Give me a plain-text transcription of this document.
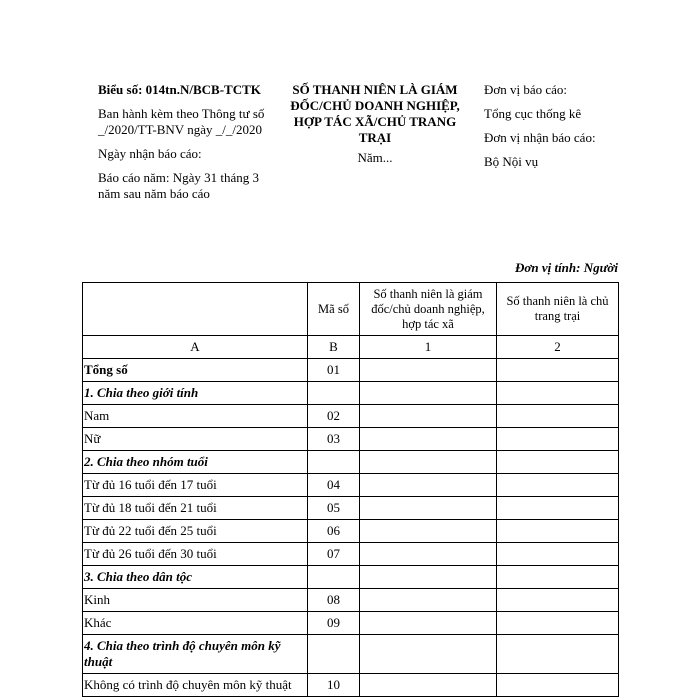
Biểu số: 014tn.N/BCB-TCTK
Ban hành kèm theo Thông tư số _/2020/TT-BNV ngày _/_/2020
Ngày nhận báo cáo:
Báo cáo năm: Ngày 31 tháng 3 năm sau năm báo cáo
SỐ THANH NIÊN LÀ GIÁM ĐỐC/CHỦ DOANH NGHIỆP, HỢP TÁC XÃ/CHỦ TRANG TRẠI
Năm...
Đơn vị báo cáo:
Tổng cục thống kê
Đơn vị nhận báo cáo:
Bộ Nội vụ
Đơn vị tính: Người
	Mã số	Số thanh niên là giám đốc/chủ doanh nghiệp, hợp tác xã	Số thanh niên là chủ trang trại
A	B	1	2
Tổng số	01		
1. Chia theo giới tính			
Nam	02		
Nữ	03		
2. Chia theo nhóm tuổi			
Từ đủ 16 tuổi đến 17 tuổi	04		
Từ đủ 18 tuổi đến 21 tuổi	05		
Từ đủ 22 tuổi đến 25 tuổi	06		
Từ đủ 26 tuổi đến 30 tuổi	07		
3. Chia theo dân tộc			
Kinh	08		
Khác	09		
4. Chia theo trình độ chuyên môn kỹ thuật			
Không có trình độ chuyên môn kỹ thuật	10		
